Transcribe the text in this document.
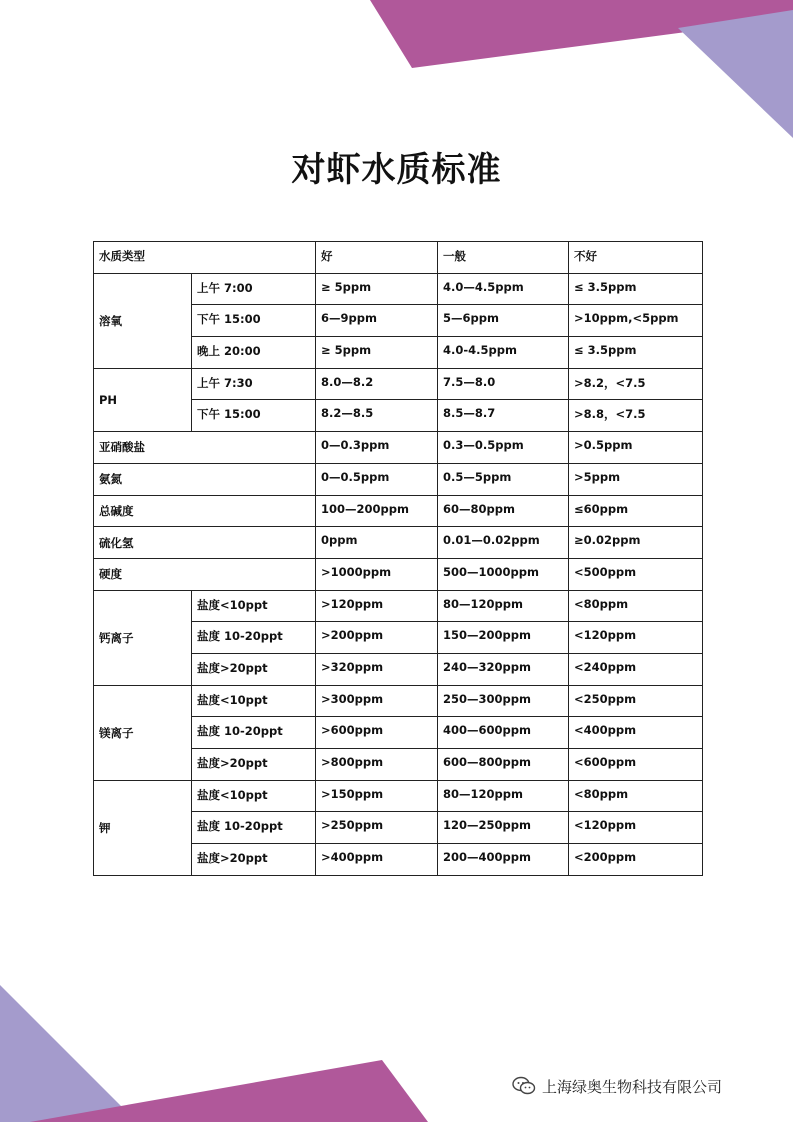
对虾水质标准
水质类型		好	一般	不好
溶氧	上午 7:00	≥ 5ppm	4.0—4.5ppm	≤ 3.5ppm
	下午 15:00	6—9ppm	5—6ppm	>10ppm,<5ppm
	晚上 20:00	≥ 5ppm	4.0-4.5ppm	≤ 3.5ppm
PH	上午 7:30	8.0—8.2	7.5—8.0	>8.2，<7.5
	下午 15:00	8.2—8.5	8.5—8.7	>8.8，<7.5
亚硝酸盐		0—0.3ppm	0.3—0.5ppm	>0.5ppm
氨氮		0—0.5ppm	0.5—5ppm	>5ppm
总碱度		100—200ppm	60—80ppm	≤60ppm
硫化氢		0ppm	0.01—0.02ppm	≥0.02ppm
硬度		>1000ppm	500—1000ppm	<500ppm
钙离子	盐度<10ppt	>120ppm	80—120ppm	<80ppm
	盐度 10-20ppt	>200ppm	150—200ppm	<120ppm
	盐度>20ppt	>320ppm	240—320ppm	<240ppm
镁离子	盐度<10ppt	>300ppm	250—300ppm	<250ppm
	盐度 10-20ppt	>600ppm	400—600ppm	<400ppm
	盐度>20ppt	>800ppm	600—800ppm	<600ppm
钾	盐度<10ppt	>150ppm	80—120ppm	<80ppm
	盐度 10-20ppt	>250ppm	120—250ppm	<120ppm
	盐度>20ppt	>400ppm	200—400ppm	<200ppm
上海绿奥生物科技有限公司
